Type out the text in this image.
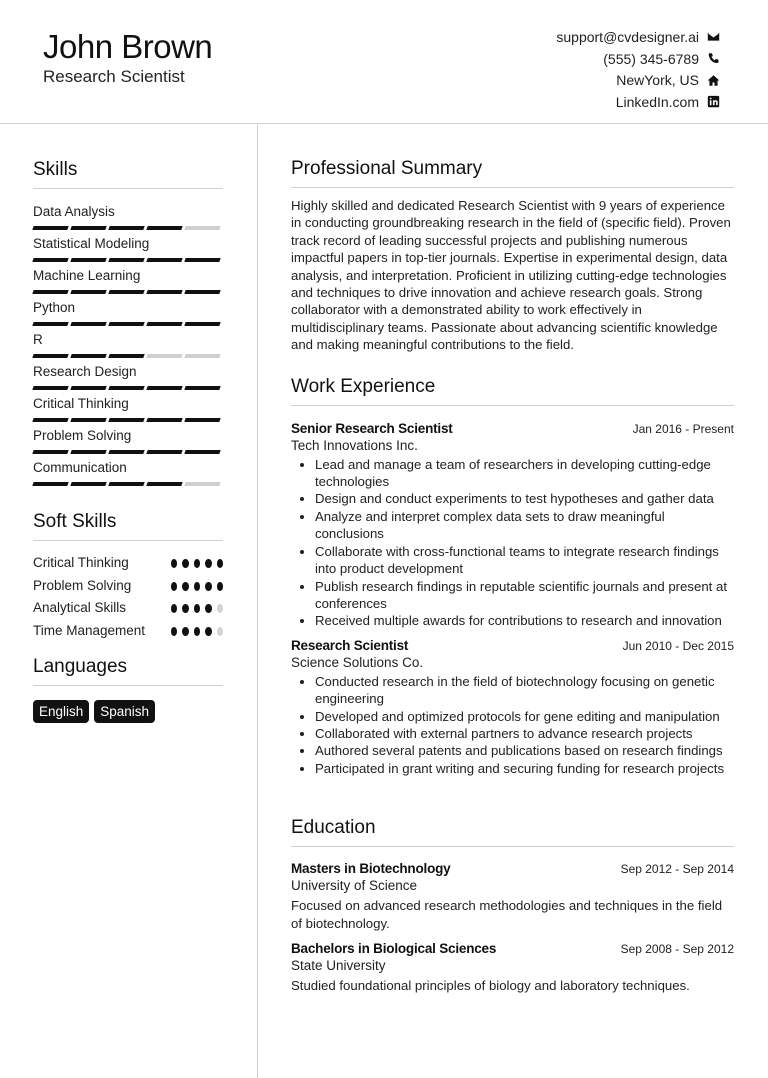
John Brown
Research Scientist
support@cvdesigner.ai
(555) 345-6789
NewYork, US
LinkedIn.com
Skills
Data Analysis
Statistical Modeling
Machine Learning
Python
R
Research Design
Critical Thinking
Problem Solving
Communication
Soft Skills
Critical Thinking
Problem Solving
Analytical Skills
Time Management
Languages
English	Spanish
Professional Summary
Highly skilled and dedicated Research Scientist with 9 years of experience in conducting groundbreaking research in the field of (specific field). Proven track record of leading successful projects and publishing numerous impactful papers in top-tier journals. Expertise in experimental design, data analysis, and interpretation. Proficient in utilizing cutting-edge technologies and techniques to drive innovation and achieve research goals. Strong collaborator with a demonstrated ability to work effectively in multidisciplinary teams. Passionate about advancing scientific knowledge and making meaningful contributions to the field.
Work Experience
Senior Research Scientist	Jan 2016 - Present
Tech Innovations Inc.
• Lead and manage a team of researchers in developing cutting-edge technologies
• Design and conduct experiments to test hypotheses and gather data
• Analyze and interpret complex data sets to draw meaningful conclusions
• Collaborate with cross-functional teams to integrate research findings into product development
• Publish research findings in reputable scientific journals and present at conferences
• Received multiple awards for contributions to research and innovation
Research Scientist	Jun 2010 - Dec 2015
Science Solutions Co.
• Conducted research in the field of biotechnology focusing on genetic engineering
• Developed and optimized protocols for gene editing and manipulation
• Collaborated with external partners to advance research projects
• Authored several patents and publications based on research findings
• Participated in grant writing and securing funding for research projects
Education
Masters in Biotechnology	Sep 2012 - Sep 2014
University of Science
Focused on advanced research methodologies and techniques in the field of biotechnology.
Bachelors in Biological Sciences	Sep 2008 - Sep 2012
State University
Studied foundational principles of biology and laboratory techniques.
